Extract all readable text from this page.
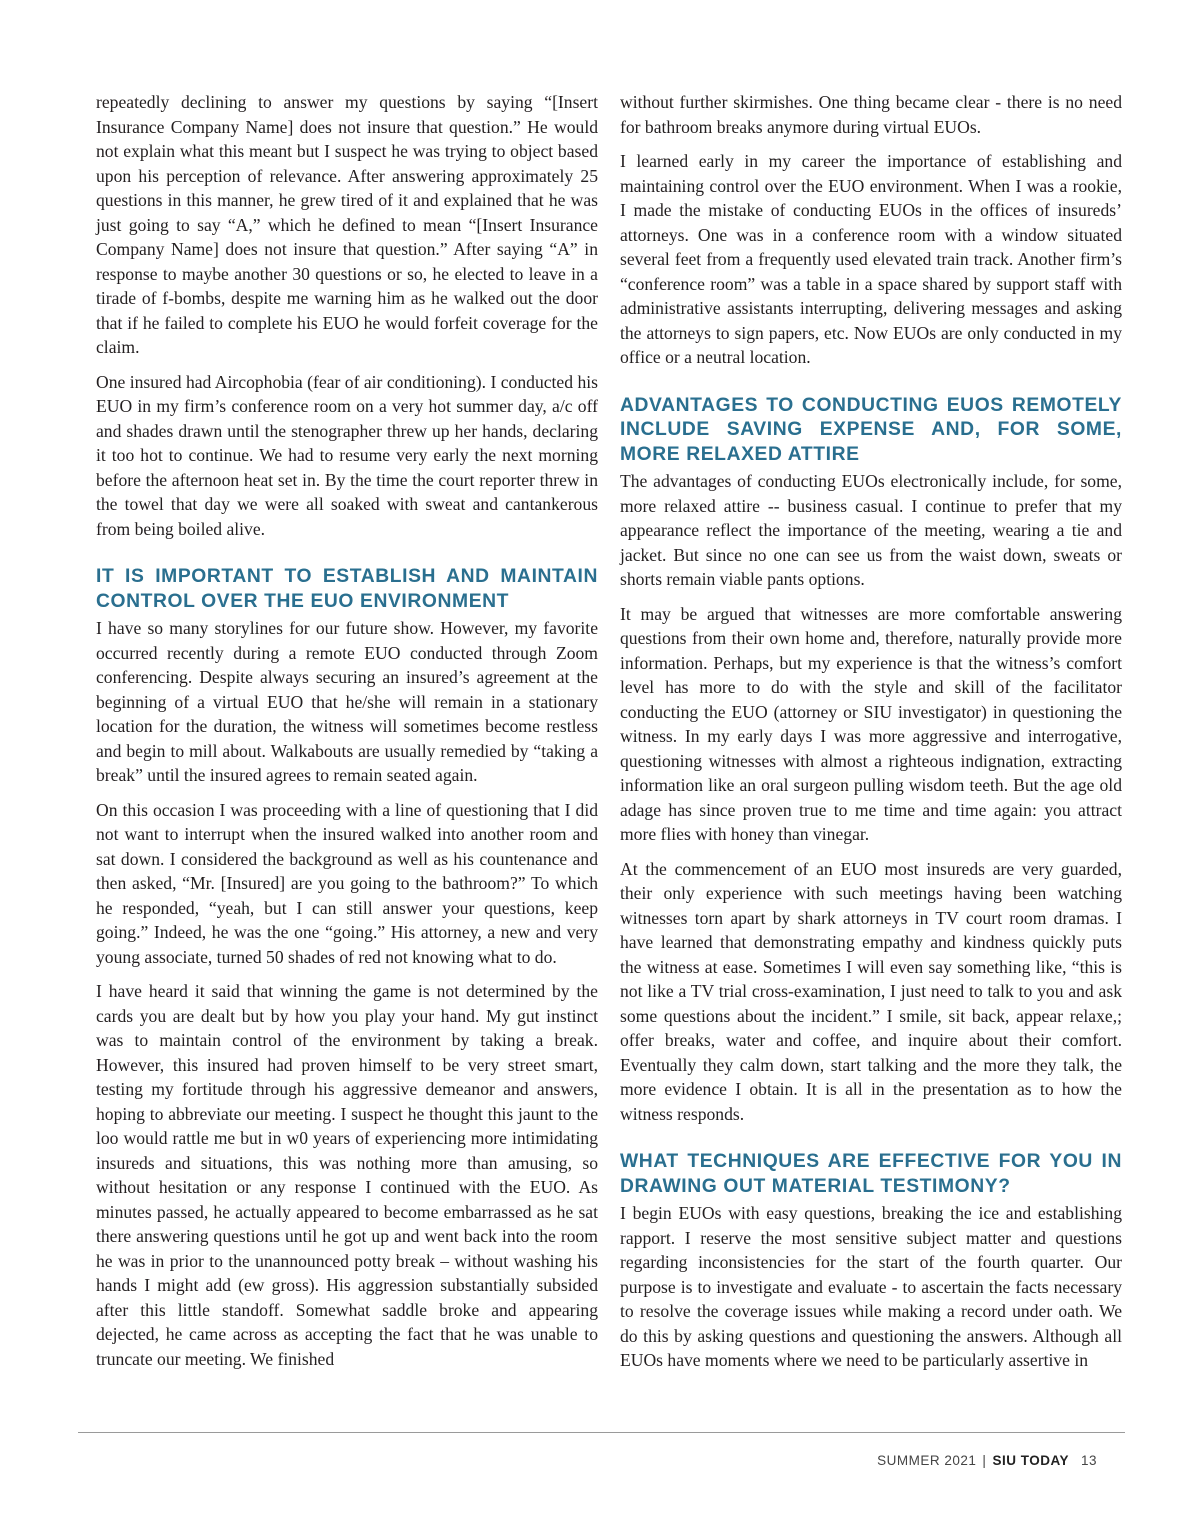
repeatedly declining to answer my questions by saying “[Insert Insurance Company Name] does not insure that question.” He would not explain what this meant but I suspect he was trying to object based upon his perception of relevance. After answering approximately 25 questions in this manner, he grew tired of it and explained that he was just going to say “A,” which he defined to mean “[Insert Insurance Company Name] does not insure that question.” After saying “A” in response to maybe another 30 questions or so, he elected to leave in a tirade of f-bombs, despite me warning him as he walked out the door that if he failed to complete his EUO he would forfeit coverage for the claim.

One insured had Aircophobia (fear of air conditioning). I conducted his EUO in my firm’s conference room on a very hot summer day, a/c off and shades drawn until the stenographer threw up her hands, declaring it too hot to continue. We had to resume very early the next morning before the afternoon heat set in. By the time the court reporter threw in the towel that day we were all soaked with sweat and cantankerous from being boiled alive.

IT IS IMPORTANT TO ESTABLISH AND MAINTAIN CONTROL OVER THE EUO ENVIRONMENT

I have so many storylines for our future show. However, my favorite occurred recently during a remote EUO conducted through Zoom conferencing. Despite always securing an insured’s agreement at the beginning of a virtual EUO that he/she will remain in a stationary location for the duration, the witness will sometimes become restless and begin to mill about. Walkabouts are usually remedied by “taking a break” until the insured agrees to remain seated again.

On this occasion I was proceeding with a line of questioning that I did not want to interrupt when the insured walked into another room and sat down. I considered the background as well as his countenance and then asked, “Mr. [Insured] are you going to the bathroom?” To which he responded, “yeah, but I can still answer your questions, keep going.” Indeed, he was the one “going.” His attorney, a new and very young associate, turned 50 shades of red not knowing what to do.

I have heard it said that winning the game is not determined by the cards you are dealt but by how you play your hand. My gut instinct was to maintain control of the environment by taking a break. However, this insured had proven himself to be very street smart, testing my fortitude through his aggressive demeanor and answers, hoping to abbreviate our meeting. I suspect he thought this jaunt to the loo would rattle me but in w0 years of experiencing more intimidating insureds and situations, this was nothing more than amusing, so without hesitation or any response I continued with the EUO. As minutes passed, he actually appeared to become embarrassed as he sat there answering questions until he got up and went back into the room he was in prior to the unannounced potty break – without washing his hands I might add (ew gross). His aggression substantially subsided after this little standoff. Somewhat saddle broke and appearing dejected, he came across as accepting the fact that he was unable to truncate our meeting. We finished

without further skirmishes. One thing became clear - there is no need for bathroom breaks anymore during virtual EUOs.

I learned early in my career the importance of establishing and maintaining control over the EUO environment. When I was a rookie, I made the mistake of conducting EUOs in the offices of insureds’ attorneys. One was in a conference room with a window situated several feet from a frequently used elevated train track. Another firm’s “conference room” was a table in a space shared by support staff with administrative assistants interrupting, delivering messages and asking the attorneys to sign papers, etc. Now EUOs are only conducted in my office or a neutral location.

ADVANTAGES TO CONDUCTING EUOS REMOTELY INCLUDE SAVING EXPENSE AND, FOR SOME, MORE RELAXED ATTIRE

The advantages of conducting EUOs electronically include, for some, more relaxed attire -- business casual. I continue to prefer that my appearance reflect the importance of the meeting, wearing a tie and jacket. But since no one can see us from the waist down, sweats or shorts remain viable pants options.

It may be argued that witnesses are more comfortable answering questions from their own home and, therefore, naturally provide more information. Perhaps, but my experience is that the witness’s comfort level has more to do with the style and skill of the facilitator conducting the EUO (attorney or SIU investigator) in questioning the witness. In my early days I was more aggressive and interrogative, questioning witnesses with almost a righteous indignation, extracting information like an oral surgeon pulling wisdom teeth. But the age old adage has since proven true to me time and time again: you attract more flies with honey than vinegar.

At the commencement of an EUO most insureds are very guarded, their only experience with such meetings having been watching witnesses torn apart by shark attorneys in TV court room dramas. I have learned that demonstrating empathy and kindness quickly puts the witness at ease. Sometimes I will even say something like, “this is not like a TV trial cross-examination, I just need to talk to you and ask some questions about the incident.” I smile, sit back, appear relaxe,; offer breaks, water and coffee, and inquire about their comfort. Eventually they calm down, start talking and the more they talk, the more evidence I obtain. It is all in the presentation as to how the witness responds.

WHAT TECHNIQUES ARE EFFECTIVE FOR YOU IN DRAWING OUT MATERIAL TESTIMONY?

I begin EUOs with easy questions, breaking the ice and establishing rapport. I reserve the most sensitive subject matter and questions regarding inconsistencies for the start of the fourth quarter. Our purpose is to investigate and evaluate - to ascertain the facts necessary to resolve the coverage issues while making a record under oath. We do this by asking questions and questioning the answers. Although all EUOs have moments where we need to be particularly assertive in

SUMMER 2021 | SIU TODAY 13
